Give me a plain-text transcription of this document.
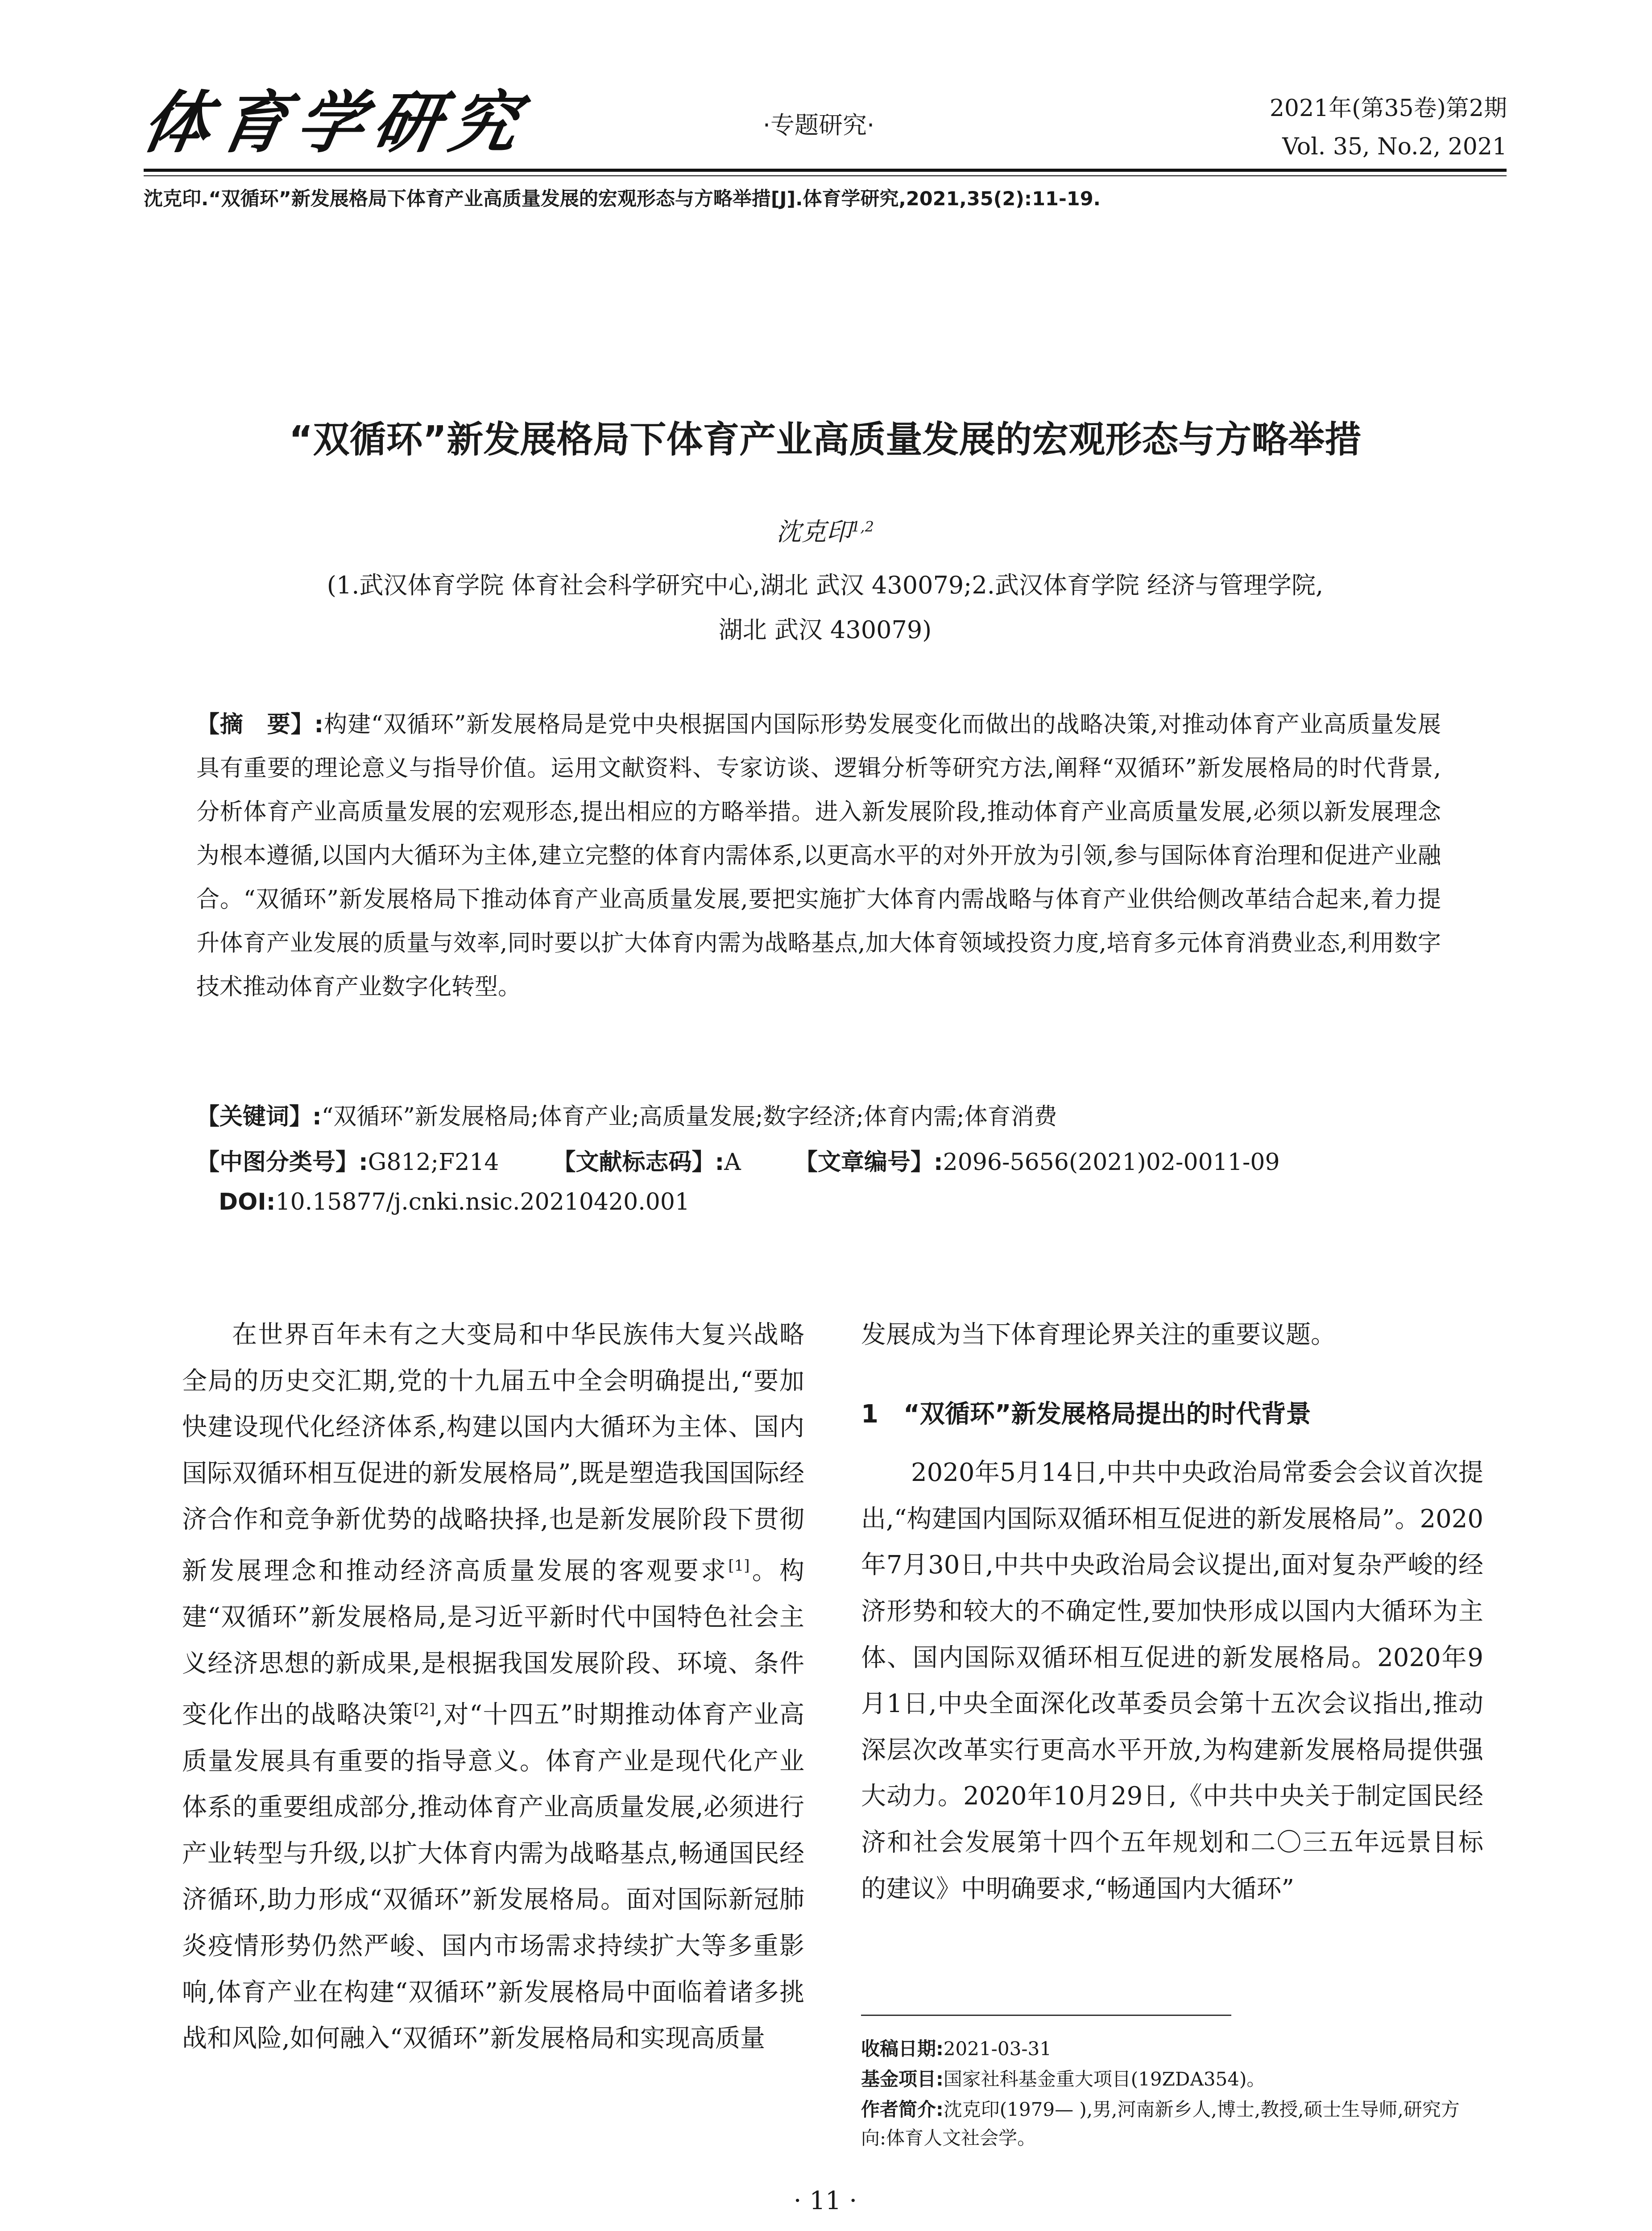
体育学研究	·专题研究·
2021年(第35卷)第2期
Vol. 35, No.2, 2021
沈克印.“双循环”新发展格局下体育产业高质量发展的宏观形态与方略举措[J].体育学研究,2021,35(2):11-19.
“双循环”新发展格局下体育产业高质量发展的宏观形态与方略举措
沈克印$^{1,2}$
(1.武汉体育学院 体育社会科学研究中心,湖北 武汉 430079;2.武汉体育学院 经济与管理学院,
湖北 武汉 430079)
【摘　要】:构建“双循环”新发展格局是党中央根据国内国际形势发展变化而做出的战略决策,对推动体育产业高质量发展具有重要的理论意义与指导价值。运用文献资料、专家访谈、逻辑分析等研究方法,阐释“双循环”新发展格局的时代背景,分析体育产业高质量发展的宏观形态,提出相应的方略举措。进入新发展阶段,推动体育产业高质量发展,必须以新发展理念为根本遵循,以国内大循环为主体,建立完整的体育内需体系,以更高水平的对外开放为引领,参与国际体育治理和促进产业融合。“双循环”新发展格局下推动体育产业高质量发展,要把实施扩大体育内需战略与体育产业供给侧改革结合起来,着力提升体育产业发展的质量与效率,同时要以扩大体育内需为战略基点,加大体育领域投资力度,培育多元体育消费业态,利用数字技术推动体育产业数字化转型。
【关键词】:“双循环”新发展格局;体育产业;高质量发展;数字经济;体育内需;体育消费
【中图分类号】:G812;F214 【文献标志码】:A 【文章编号】:2096-5656(2021)02-0011-09
DOI:10.15877/j.cnki.nsic.20210420.001

在世界百年未有之大变局和中华民族伟大复兴战略全局的历史交汇期,党的十九届五中全会明确提出,“要加快建设现代化经济体系,构建以国内大循环为主体、国内国际双循环相互促进的新发展格局”,既是塑造我国国际经济合作和竞争新优势的战略抉择,也是新发展阶段下贯彻新发展理念和推动经济高质量发展的客观要求[1]。构建“双循环”新发展格局,是习近平新时代中国特色社会主义经济思想的新成果,是根据我国发展阶段、环境、条件变化作出的战略决策[2],对“十四五”时期推动体育产业高质量发展具有重要的指导意义。体育产业是现代化产业体系的重要组成部分,推动体育产业高质量发展,必须进行产业转型与升级,以扩大体育内需为战略基点,畅通国民经济循环,助力形成“双循环”新发展格局。面对国际新冠肺炎疫情形势仍然严峻、国内市场需求持续扩大等多重影响,体育产业在构建“双循环”新发展格局中面临着诸多挑战和风险,如何融入“双循环”新发展格局和实现高质量

发展成为当下体育理论界关注的重要议题。

1　“双循环”新发展格局提出的时代背景

2020年5月14日,中共中央政治局常委会会议首次提出,“构建国内国际双循环相互促进的新发展格局”。2020年7月30日,中共中央政治局会议提出,面对复杂严峻的经济形势和较大的不确定性,要加快形成以国内大循环为主体、国内国际双循环相互促进的新发展格局。2020年9月1日,中央全面深化改革委员会第十五次会议指出,推动深层次改革实行更高水平开放,为构建新发展格局提供强大动力。2020年10月29日,《中共中央关于制定国民经济和社会发展第十四个五年规划和二〇三五年远景目标的建议》中明确要求,“畅通国内大循环”

收稿日期:2021-03-31
基金项目:国家社科基金重大项目(19ZDA354)。
作者简介:沈克印(1979— ),男,河南新乡人,博士,教授,硕士生导师,研究方向:体育人文社会学。
· 11 ·
